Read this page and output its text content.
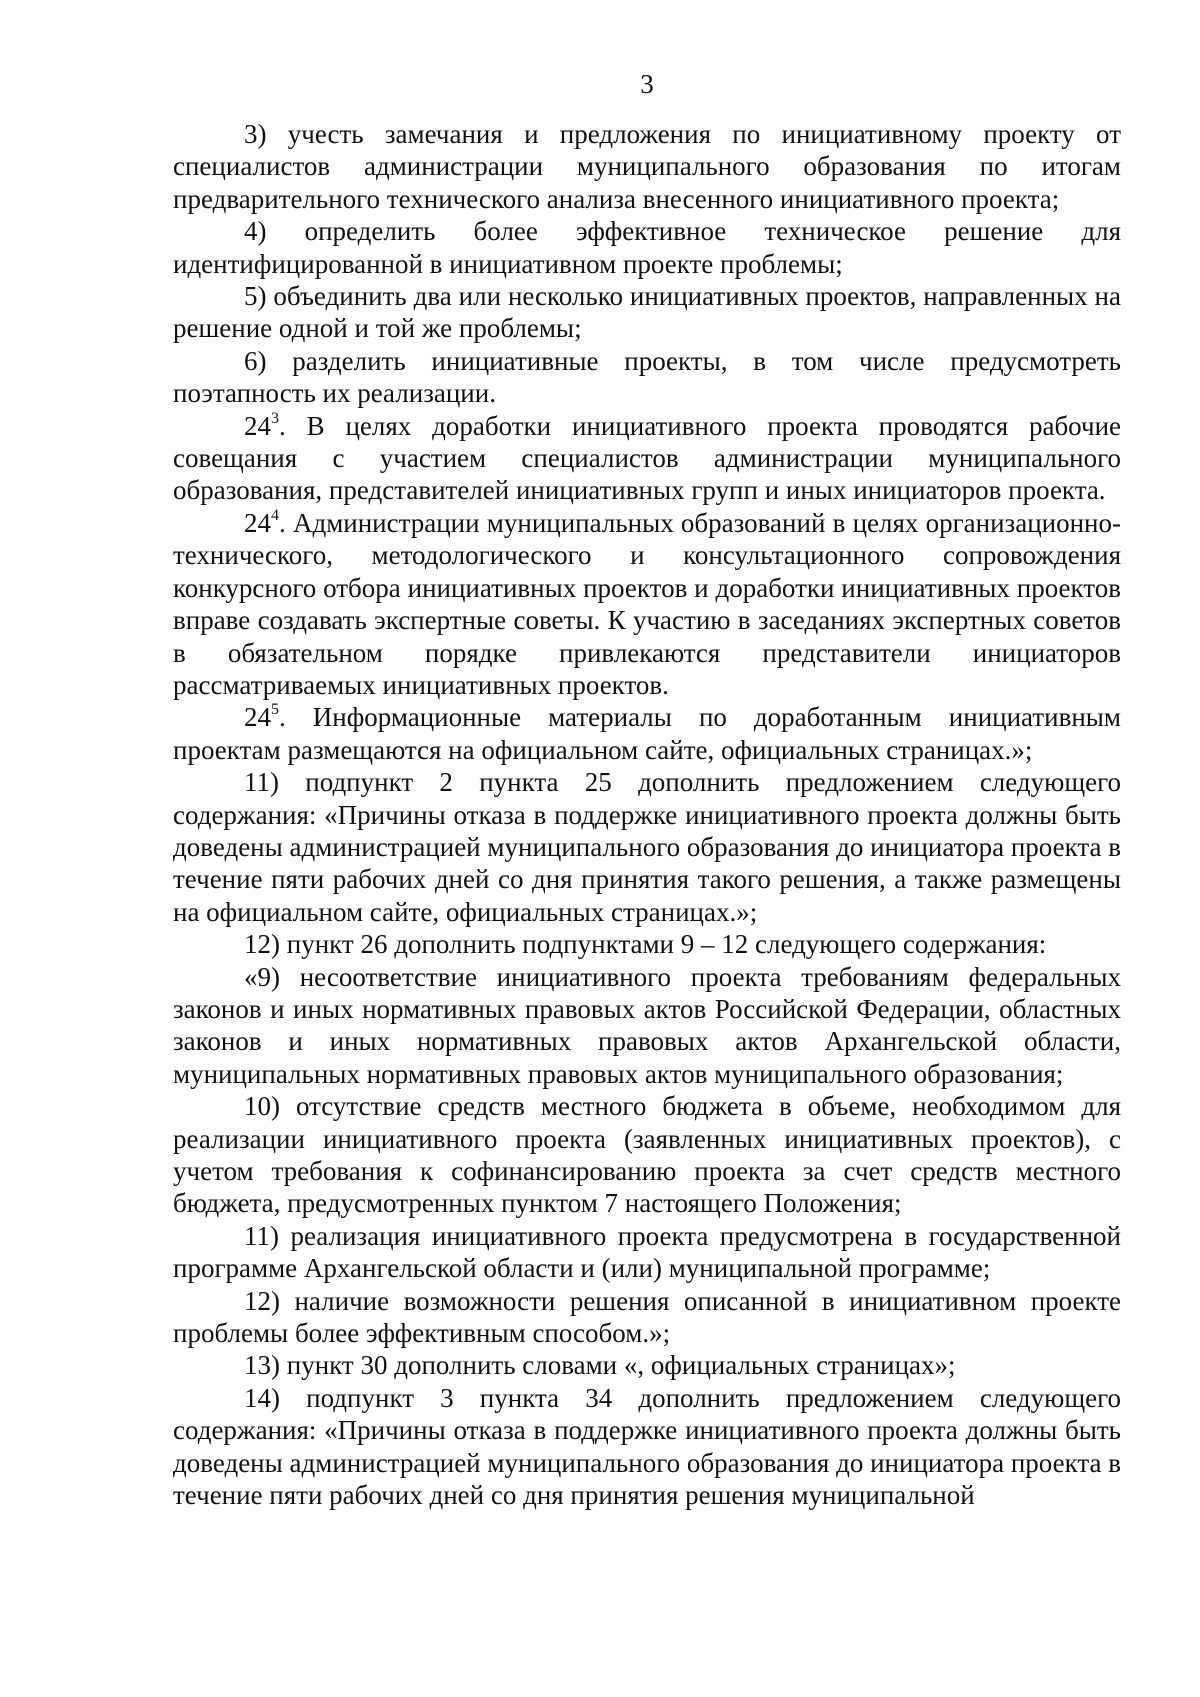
3

3) учесть замечания и предложения по инициативному проекту от специалистов администрации муниципального образования по итогам предварительного технического анализа внесенного инициативного проекта;

4) определить более эффективное техническое решение для идентифицированной в инициативном проекте проблемы;

5) объединить два или несколько инициативных проектов, направленных на решение одной и той же проблемы;

6) разделить инициативные проекты, в том числе предусмотреть поэтапность их реализации.

$24^3$. В целях доработки инициативного проекта проводятся рабочие совещания с участием специалистов администрации муниципального образования, представителей инициативных групп и иных инициаторов проекта.

$24^4$. Администрации муниципальных образований в целях организационно-технического, методологического и консультационного сопровождения конкурсного отбора инициативных проектов и доработки инициативных проектов вправе создавать экспертные советы. К участию в заседаниях экспертных советов в обязательном порядке привлекаются представители инициаторов рассматриваемых инициативных проектов.

$24^5$. Информационные материалы по доработанным инициативным проектам размещаются на официальном сайте, официальных страницах.»;

11) подпункт 2 пункта 25 дополнить предложением следующего содержания: «Причины отказа в поддержке инициативного проекта должны быть доведены администрацией муниципального образования до инициатора проекта в течение пяти рабочих дней со дня принятия такого решения, а также размещены на официальном сайте, официальных страницах.»;

12) пункт 26 дополнить подпунктами 9 – 12 следующего содержания:

«9) несоответствие инициативного проекта требованиям федеральных законов и иных нормативных правовых актов Российской Федерации, областных законов и иных нормативных правовых актов Архангельской области, муниципальных нормативных правовых актов муниципального образования;

10) отсутствие средств местного бюджета в объеме, необходимом для реализации инициативного проекта (заявленных инициативных проектов), с учетом требования к софинансированию проекта за счет средств местного бюджета, предусмотренных пунктом 7 настоящего Положения;

11) реализация инициативного проекта предусмотрена в государственной программе Архангельской области и (или) муниципальной программе;

12) наличие возможности решения описанной в инициативном проекте проблемы более эффективным способом.»;

13) пункт 30 дополнить словами «, официальных страницах»;

14) подпункт 3 пункта 34 дополнить предложением следующего содержания: «Причины отказа в поддержке инициативного проекта должны быть доведены администрацией муниципального образования до инициатора проекта в течение пяти рабочих дней со дня принятия решения муниципальной
